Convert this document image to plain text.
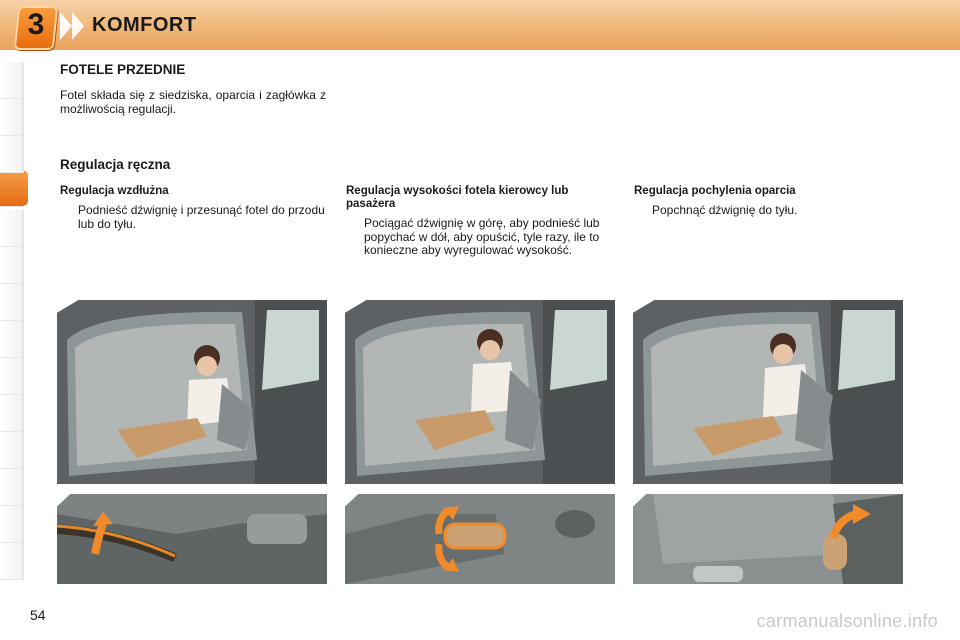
3	KOMFORT
FOTELE PRZEDNIE

Fotel składa się z siedziska, oparcia i zagłówka z możliwością regulacji.

Regulacja ręczna
Regulacja wzdłużna

Podnieść dźwignię i przesunąć fotel do przodu lub do tyłu.

Regulacja wysokości fotela kierowcy lub pasażera

Pociągać dźwignię w górę, aby podnieść lub popychać w dół, aby opuścić, tyle razy, ile to konieczne aby wyregulować wysokość.

Regulacja pochylenia oparcia

Popchnąć dźwignię do tyłu.

54	carmanualsonline.info
